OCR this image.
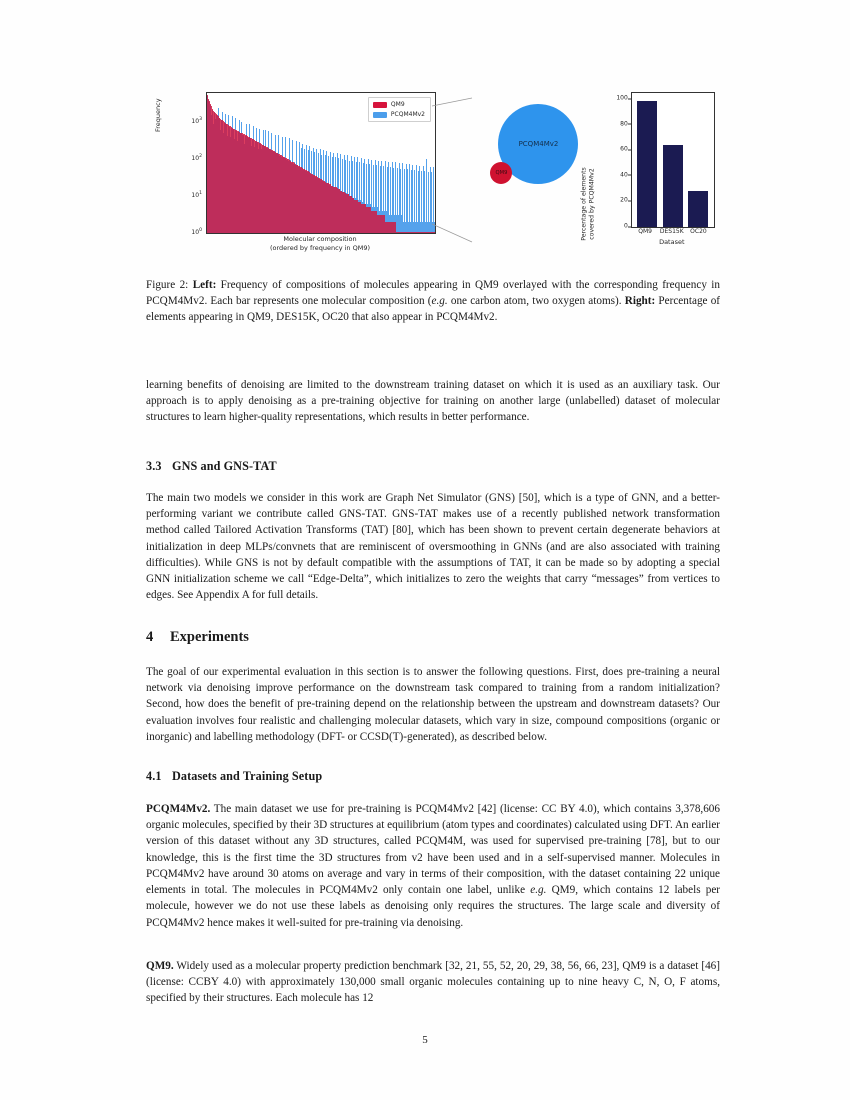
Frequency
$10^0$
$10^1$
$10^2$
$10^3$
QM9
PCQM4Mv2
Molecular composition
(ordered by frequency in QM9)
PCQM4Mv2
QM9	Percentage of elements covered by PCQM4Mv2	0
20
40
60
80
100
QM9	DES15K	OC20
Dataset
Figure 2: Left: Frequency of compositions of molecules appearing in QM9 overlayed with the corresponding frequency in PCQM4Mv2. Each bar represents one molecular composition (e.g. one carbon atom, two oxygen atoms). Right: Percentage of elements appearing in QM9, DES15K, OC20 that also appear in PCQM4Mv2.

learning benefits of denoising are limited to the downstream training dataset on which it is used as an auxiliary task. Our approach is to apply denoising as a pre-training objective for training on another large (unlabelled) dataset of molecular structures to learn higher-quality representations, which results in better performance.

3.3 GNS and GNS-TAT

The main two models we consider in this work are Graph Net Simulator (GNS) [50], which is a type of GNN, and a better-performing variant we contribute called GNS-TAT. GNS-TAT makes use of a recently published network transformation method called Tailored Activation Transforms (TAT) [80], which has been shown to prevent certain degenerate behaviors at initialization in deep MLPs/convnets that are reminiscent of oversmoothing in GNNs (and are also associated with training difficulties). While GNS is not by default compatible with the assumptions of TAT, it can be made so by adopting a special GNN initialization scheme we call “Edge-Delta”, which initializes to zero the weights that carry “messages” from vertices to edges. See Appendix A for full details.

4 Experiments

The goal of our experimental evaluation in this section is to answer the following questions. First, does pre-training a neural network via denoising improve performance on the downstream task compared to training from a random initialization? Second, how does the benefit of pre-training depend on the relationship between the upstream and downstream datasets? Our evaluation involves four realistic and challenging molecular datasets, which vary in size, compound compositions (organic or inorganic) and labelling methodology (DFT- or CCSD(T)-generated), as described below.

4.1 Datasets and Training Setup

PCQM4Mv2. The main dataset we use for pre-training is PCQM4Mv2 [42] (license: CC BY 4.0), which contains 3,378,606 organic molecules, specified by their 3D structures at equilibrium (atom types and coordinates) calculated using DFT. An earlier version of this dataset without any 3D structures, called PCQM4M, was used for supervised pre-training [78], but to our knowledge, this is the first time the 3D structures from v2 have been used and in a self-supervised manner. Molecules in PCQM4Mv2 have around 30 atoms on average and vary in terms of their composition, with the dataset containing 22 unique elements in total. The molecules in PCQM4Mv2 only contain one label, unlike e.g. QM9, which contains 12 labels per molecule, however we do not use these labels as denoising only requires the structures. The large scale and diversity of PCQM4Mv2 hence makes it well-suited for pre-training via denoising.

QM9. Widely used as a molecular property prediction benchmark [32, 21, 55, 52, 20, 29, 38, 56, 66, 23], QM9 is a dataset [46] (license: CCBY 4.0) with approximately 130,000 small organic molecules containing up to nine heavy C, N, O, F atoms, specified by their structures. Each molecule has 12

5
